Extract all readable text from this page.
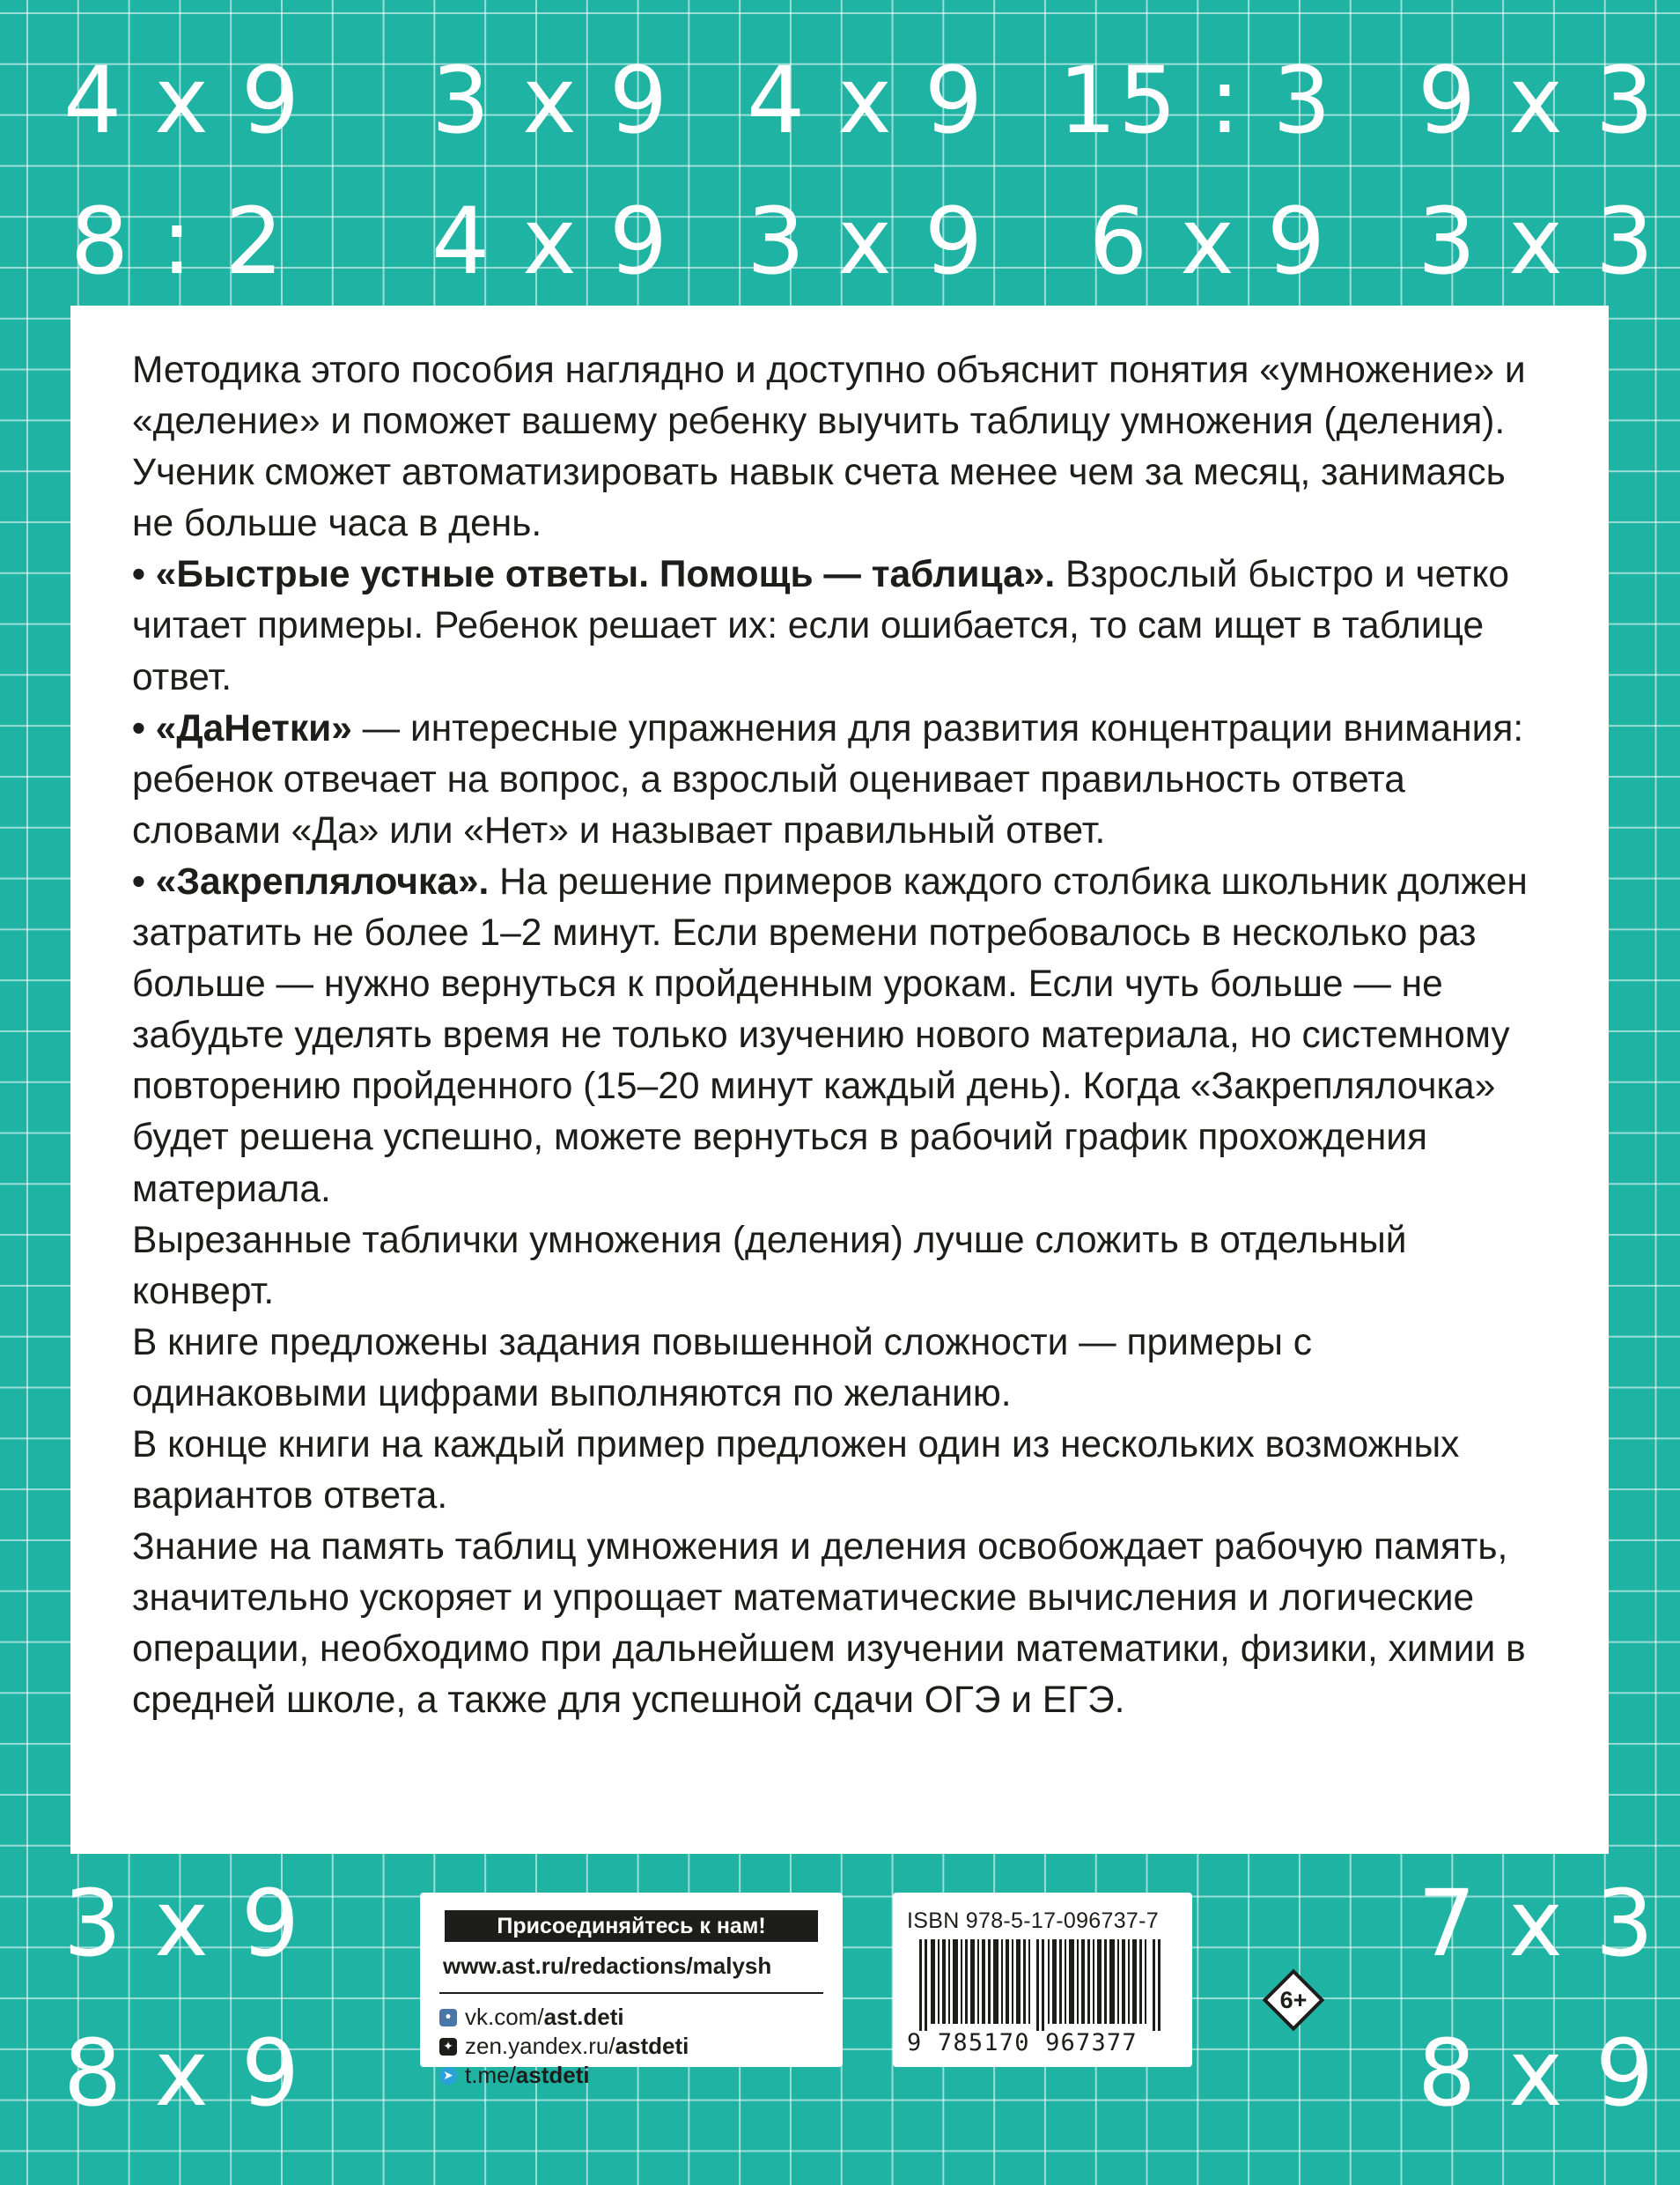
4 x 9 3 x 9 4 x 9 15 : 3 9 x 3
8 : 2 4 x 9 3 x 9 6 x 9 3 x 3

Методика этого пособия наглядно и доступно объяснит понятия «умножение» и «деление» и поможет вашему ребенку выучить таблицу умножения (деления). Ученик сможет автоматизировать навык счета менее чем за месяц, занимаясь не больше часа в день.

• «Быстрые устные ответы. Помощь — таблица». Взрослый быстро и четко читает примеры. Ребенок решает их: если ошибается, то сам ищет в таблице ответ.

• «ДаНетки» — интересные упражнения для развития концентрации внимания: ребенок отвечает на вопрос, а взрослый оценивает правильность ответа словами «Да» или «Нет» и называет правильный ответ.

• «Закреплялочка». На решение примеров каждого столбика школьник должен затратить не более 1–2 минут. Если времени потребовалось в несколько раз больше — нужно вернуться к пройденным урокам. Если чуть больше — не забудьте уделять время не только изучению нового материала, но системному повторению пройденного (15–20 минут каждый день). Когда «Закреплялочка» будет решена успешно, можете вернуться в рабочий график прохождения материала.

Вырезанные таблички умножения (деления) лучше сложить в отдельный конверт.

В книге предложены задания повышенной сложности — примеры с одинаковыми цифрами выполняются по желанию.

В конце книги на каждый пример предложен один из нескольких возможных вариантов ответа.

Знание на память таблиц умножения и деления освобождает рабочую память, значительно ускоряет и упрощает математические вычисления и логические операции, необходимо при дальнейшем изучении математики, физики, химии в средней школе, а также для успешной сдачи ОГЭ и ЕГЭ.

3 x 9	7 x 3
8 x 9	8 x 9
Присоединяйтесь к нам!
www.ast.ru/redactions/malysh
• vk.com/ ast.deti
✦ zen.yandex.ru/ astdeti
➤ t.me/ astdeti
ISBN 978-5-17-096737-7
9 785170 967377
6+
